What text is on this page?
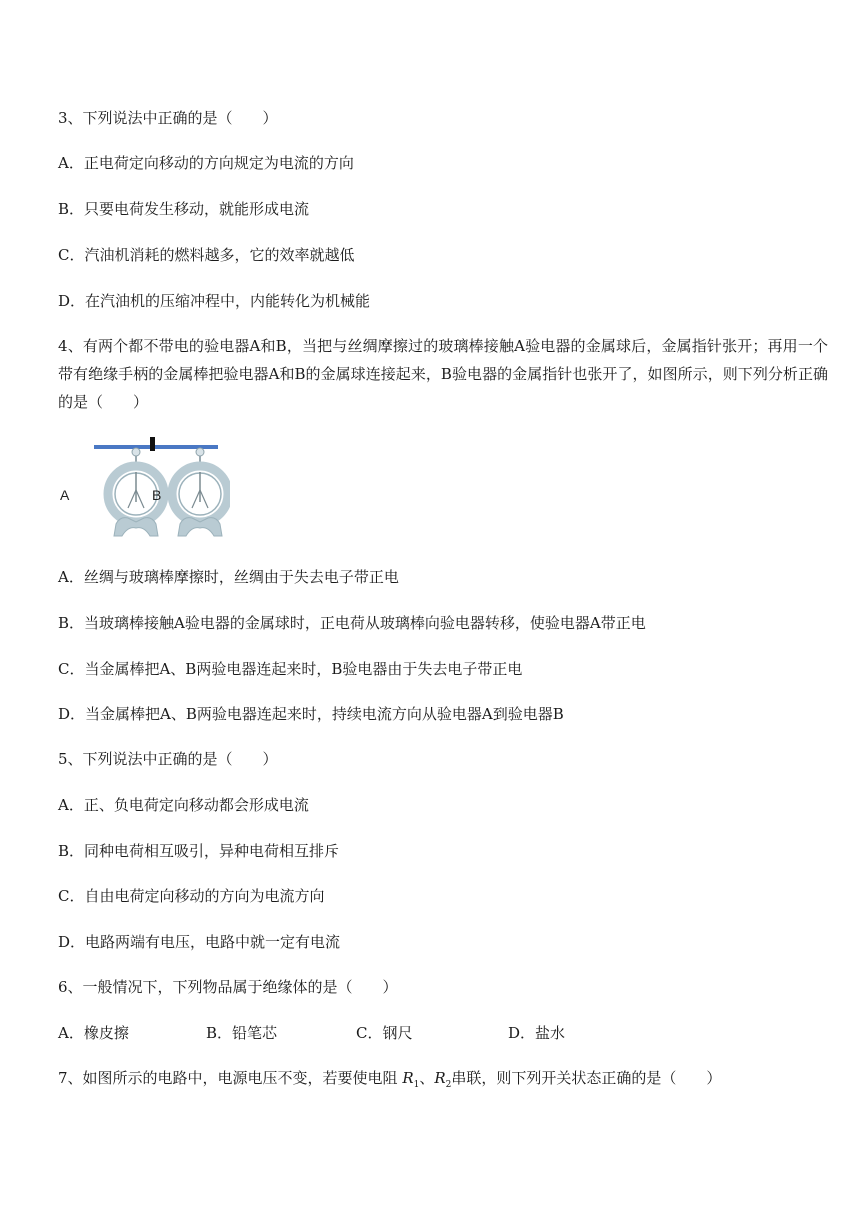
3、下列说法中正确的是（　　）
A．正电荷定向移动的方向规定为电流的方向
B．只要电荷发生移动，就能形成电流
C．汽油机消耗的燃料越多，它的效率就越低
D．在汽油机的压缩冲程中，内能转化为机械能
4、有两个都不带电的验电器A和B，当把与丝绸摩擦过的玻璃棒接触A验电器的金属球后，金属指针张开；再用一个带有绝缘手柄的金属棒把验电器A和B的金属球连接起来，B验电器的金属指针也张开了，如图所示，则下列分析正确的是（　　）
A	B
A．丝绸与玻璃棒摩擦时，丝绸由于失去电子带正电
B．当玻璃棒接触A验电器的金属球时，正电荷从玻璃棒向验电器转移，使验电器A带正电
C．当金属棒把A、B两验电器连起来时，B验电器由于失去电子带正电
D．当金属棒把A、B两验电器连起来时，持续电流方向从验电器A到验电器B
5、下列说法中正确的是（　　）
A．正、负电荷定向移动都会形成电流
B．同种电荷相互吸引，异种电荷相互排斥
C．自由电荷定向移动的方向为电流方向
D．电路两端有电压，电路中就一定有电流
6、一般情况下，下列物品属于绝缘体的是（　　）
A．橡皮擦	B．铅笔芯	C．钢尺	D．盐水
7、如图所示的电路中，电源电压不变，若要使电阻 $R_1$、$R_2$串联，则下列开关状态正确的是（　　）
